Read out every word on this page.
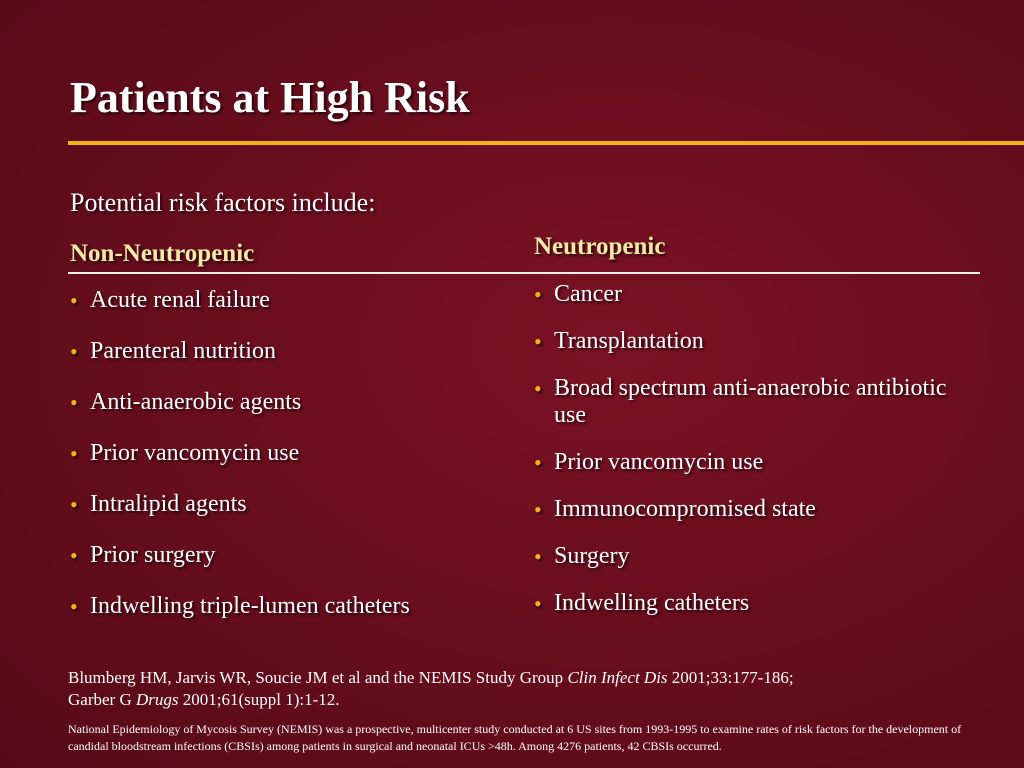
Patients at High Risk
Potential risk factors include:
Non-Neutropenic	Neutropenic
• Acute renal failure
• Parenteral nutrition
• Anti-anaerobic agents
• Prior vancomycin use
• Intralipid agents
• Prior surgery
• Indwelling triple-lumen catheters
• Cancer
• Transplantation
• Broad spectrum anti-anaerobic antibiotic use
• Prior vancomycin use
• Immunocompromised state
• Surgery
• Indwelling catheters
Blumberg HM, Jarvis WR, Soucie JM et al and the NEMIS Study Group Clin Infect Dis 2001;33:177-186;
Garber G Drugs 2001;61(suppl 1):1-12.
National Epidemiology of Mycosis Survey (NEMIS) was a prospective, multicenter study conducted at 6 US sites from 1993-1995 to examine rates of risk factors for the development of candidal bloodstream infections (CBSIs) among patients in surgical and neonatal ICUs >48h. Among 4276 patients, 42 CBSIs occurred.
